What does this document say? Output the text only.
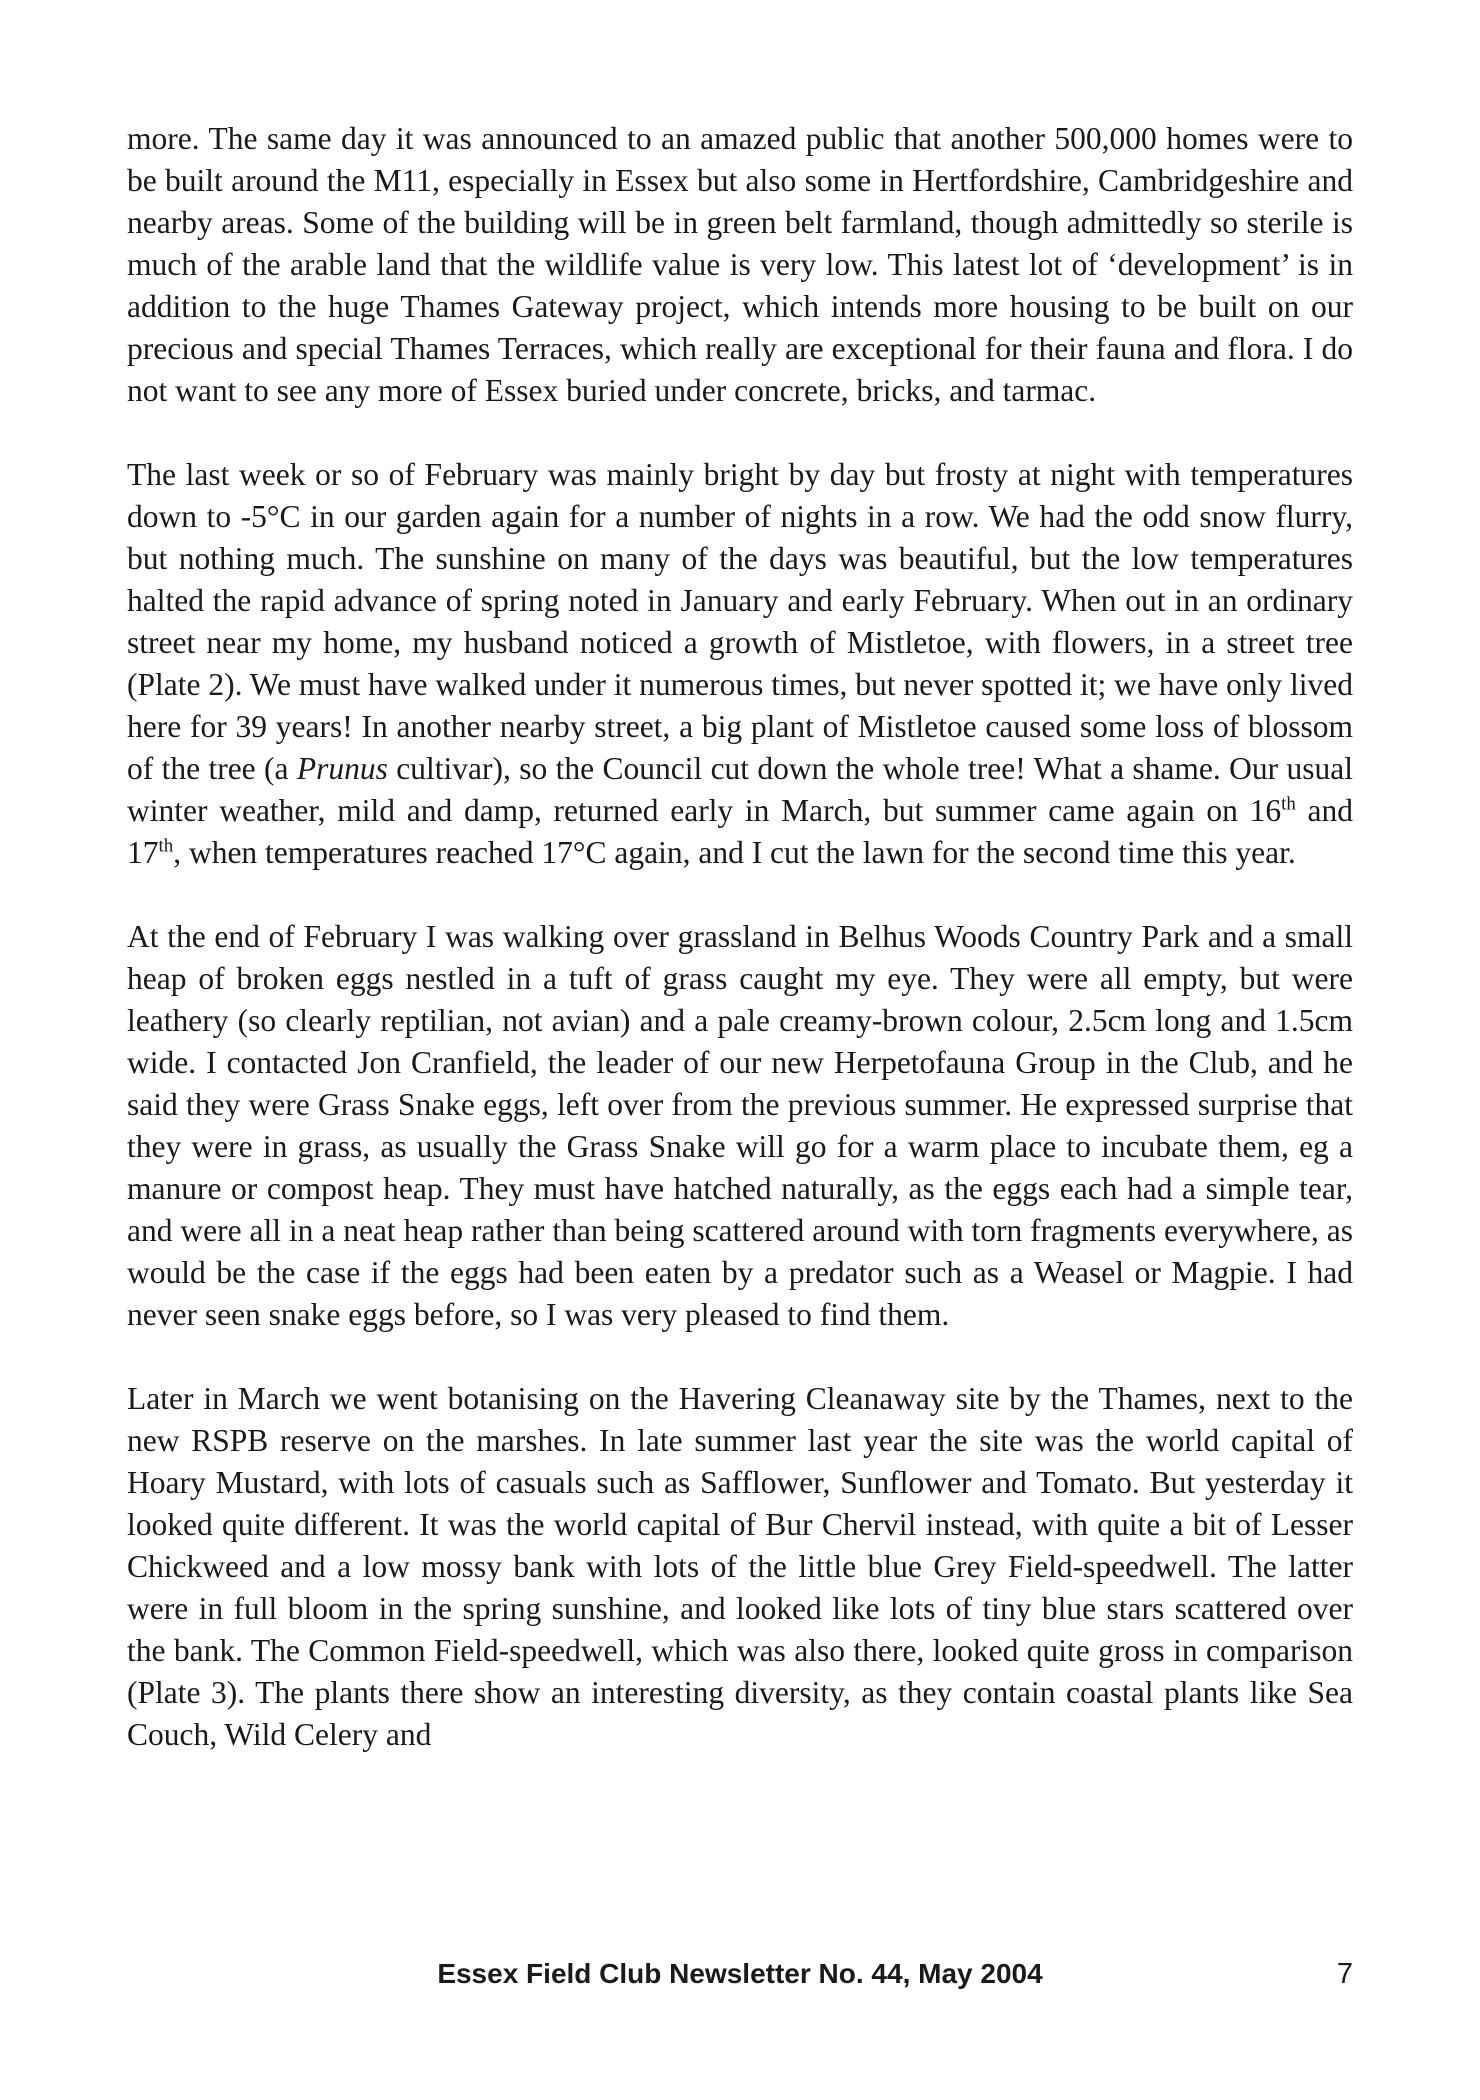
more. The same day it was announced to an amazed public that another 500,000 homes were to be built around the M11, especially in Essex but also some in Hertfordshire, Cambridgeshire and nearby areas. Some of the building will be in green belt farmland, though admittedly so sterile is much of the arable land that the wildlife value is very low. This latest lot of ‘development’ is in addition to the huge Thames Gateway project, which intends more housing to be built on our precious and special Thames Terraces, which really are exceptional for their fauna and flora. I do not want to see any more of Essex buried under concrete, bricks, and tarmac.

The last week or so of February was mainly bright by day but frosty at night with temperatures down to -5°C in our garden again for a number of nights in a row. We had the odd snow flurry, but nothing much. The sunshine on many of the days was beautiful, but the low temperatures halted the rapid advance of spring noted in January and early February. When out in an ordinary street near my home, my husband noticed a growth of Mistletoe, with flowers, in a street tree (Plate 2). We must have walked under it numerous times, but never spotted it; we have only lived here for 39 years! In another nearby street, a big plant of Mistletoe caused some loss of blossom of the tree (a Prunus cultivar), so the Council cut down the whole tree! What a shame. Our usual winter weather, mild and damp, returned early in March, but summer came again on 16th and 17th, when temperatures reached 17°C again, and I cut the lawn for the second time this year.

At the end of February I was walking over grassland in Belhus Woods Country Park and a small heap of broken eggs nestled in a tuft of grass caught my eye. They were all empty, but were leathery (so clearly reptilian, not avian) and a pale creamy-brown colour, 2.5cm long and 1.5cm wide. I contacted Jon Cranfield, the leader of our new Herpetofauna Group in the Club, and he said they were Grass Snake eggs, left over from the previous summer. He expressed surprise that they were in grass, as usually the Grass Snake will go for a warm place to incubate them, eg a manure or compost heap. They must have hatched naturally, as the eggs each had a simple tear, and were all in a neat heap rather than being scattered around with torn fragments everywhere, as would be the case if the eggs had been eaten by a predator such as a Weasel or Magpie. I had never seen snake eggs before, so I was very pleased to find them.

Later in March we went botanising on the Havering Cleanaway site by the Thames, next to the new RSPB reserve on the marshes. In late summer last year the site was the world capital of Hoary Mustard, with lots of casuals such as Safflower, Sunflower and Tomato. But yesterday it looked quite different. It was the world capital of Bur Chervil instead, with quite a bit of Lesser Chickweed and a low mossy bank with lots of the little blue Grey Field-speedwell. The latter were in full bloom in the spring sunshine, and looked like lots of tiny blue stars scattered over the bank. The Common Field-speedwell, which was also there, looked quite gross in comparison (Plate 3). The plants there show an interesting diversity, as they contain coastal plants like Sea Couch, Wild Celery and

Essex Field Club Newsletter No. 44, May 2004	7
